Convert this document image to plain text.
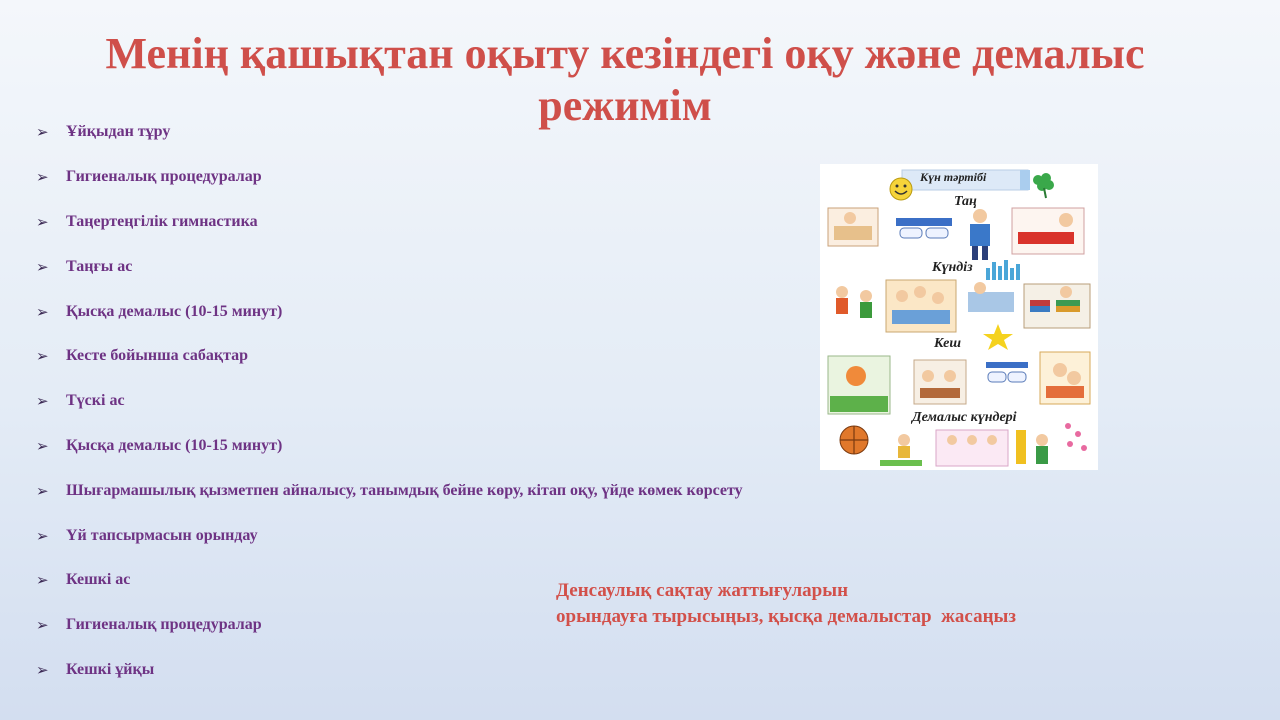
Менің қашықтан оқыту кезіндегі оқу және демалыс
режимім
➢ Ұйқыдан тұру
➢ Гигиеналық процедуралар
➢ Таңертеңгілік гимнастика
➢ Таңғы ас
➢ Қысқа демалыс (10-15 минут)
➢ Кесте бойынша сабақтар
➢ Түскі ас
➢ Қысқа демалыс (10-15 минут)
➢ Шығармашылық қызметпен айналысу, танымдық бейне көру, кітап оқу, үйде көмек көрсету
➢ Үй тапсырмасын орындау
➢ Кешкі ас
➢ Гигиеналық процедуралар
➢ Кешкі ұйқы
Күн тәртібі
Таң
Күндіз
Кеш
Демалыс күндері
Денсаулық сақтау жаттығуларын
орындауға тырысыңыз, қысқа демалыстар  жасаңыз
